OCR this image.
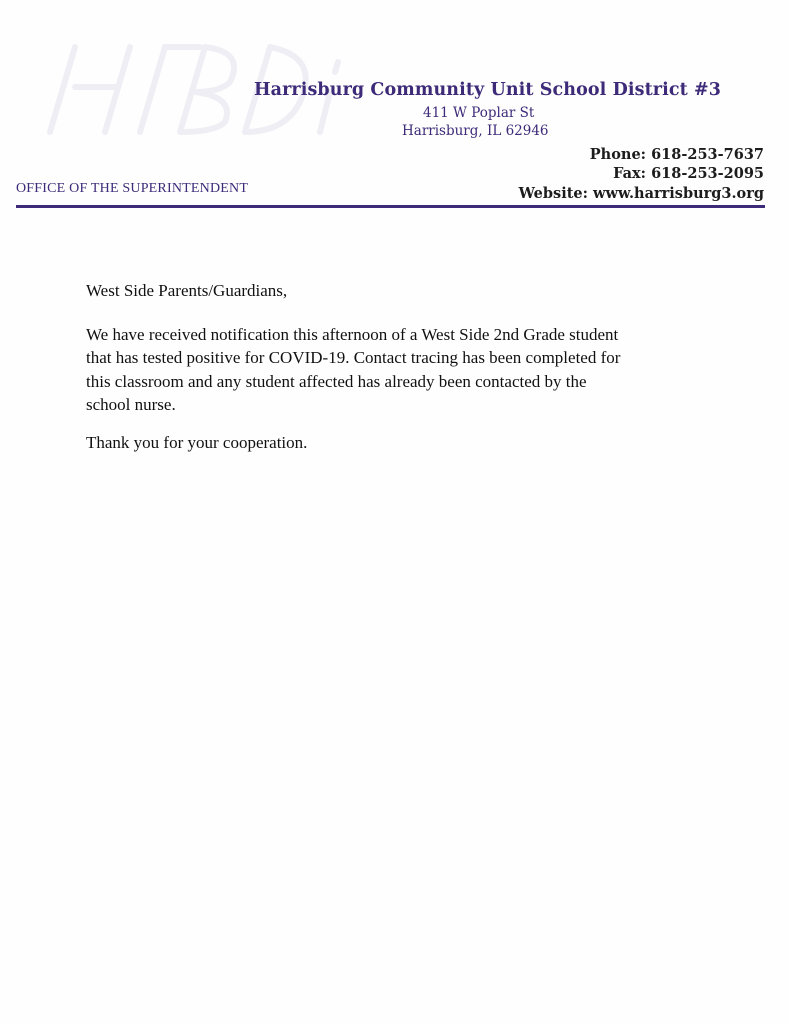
Harrisburg Community Unit School District #3
411 W Poplar St
Harrisburg, IL 62946
Phone: 618-253-7637
Fax: 618-253-2095
Website: www.harrisburg3.org
OFFICE OF THE SUPERINTENDENT

West Side Parents/Guardians,

We have received notification this afternoon of a West Side 2nd Grade student
that has tested positive for COVID-19. Contact tracing has been completed for
this classroom and any student affected has already been contacted by the
school nurse.

Thank you for your cooperation.
